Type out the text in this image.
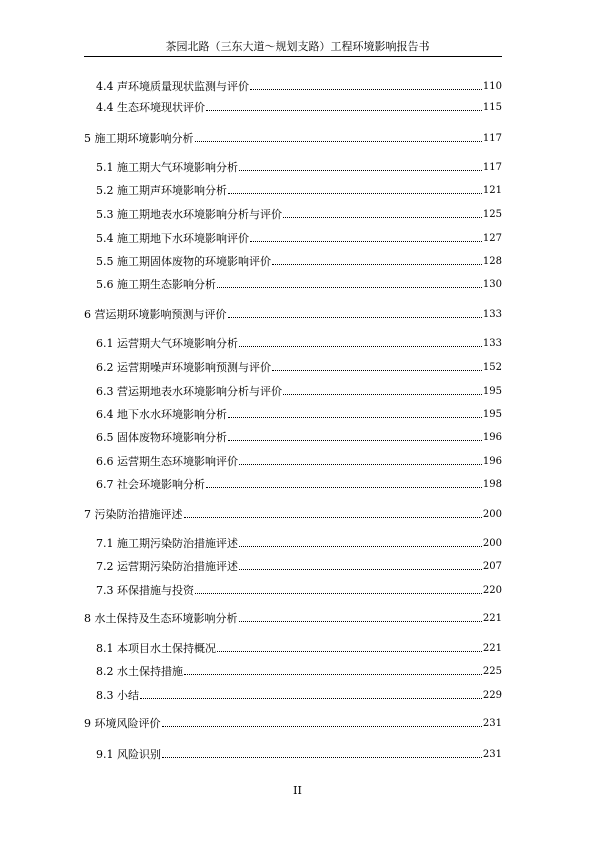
茶园北路（三东大道～规划支路）工程环境影响报告书
4.4 声环境质量现状监测与评价	110
4.4 生态环境现状评价	115
5 施工期环境影响分析	117
5.1 施工期大气环境影响分析	117
5.2 施工期声环境影响分析	121
5.3 施工期地表水环境影响分析与评价	125
5.4 施工期地下水环境影响评价	127
5.5 施工期固体废物的环境影响评价	128
5.6 施工期生态影响分析	130
6 营运期环境影响预测与评价	133
6.1 运营期大气环境影响分析	133
6.2 运营期噪声环境影响预测与评价	152
6.3 营运期地表水环境影响分析与评价	195
6.4 地下水水环境影响分析	195
6.5 固体废物环境影响分析	196
6.6 运营期生态环境影响评价	196
6.7 社会环境影响分析	198
7 污染防治措施评述	200
7.1 施工期污染防治措施评述	200
7.2 运营期污染防治措施评述	207
7.3 环保措施与投资	220
8 水土保持及生态环境影响分析	221
8.1 本项目水土保持概况	221
8.2 水土保持措施	225
8.3 小结	229
9 环境风险评价	231
9.1 风险识别	231
II
